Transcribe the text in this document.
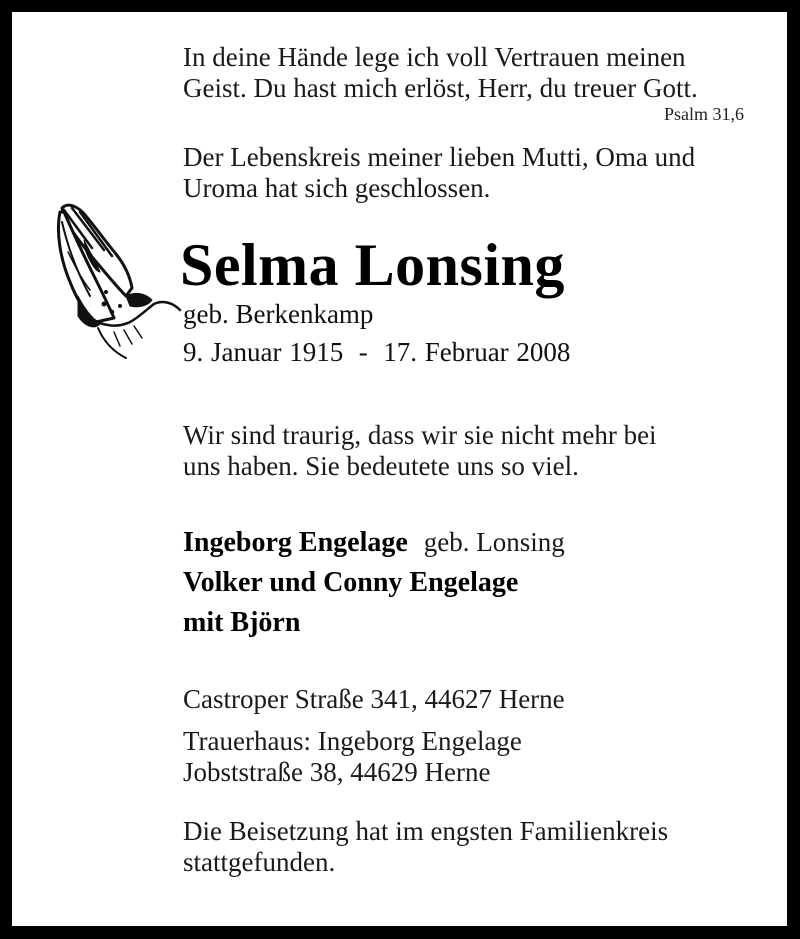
In deine Hände lege ich voll Vertrauen meinen
Geist. Du hast mich erlöst, Herr, du treuer Gott.
Psalm 31,6
Der Lebenskreis meiner lieben Mutti, Oma und
Uroma hat sich geschlossen.
Selma Lonsing
geb. Berkenkamp
9. Januar 1915  -  17. Februar 2008
Wir sind traurig, dass wir sie nicht mehr bei
uns haben. Sie bedeutete uns so viel.
Ingeborg Engelage geb. Lonsing
Volker und Conny Engelage
mit Björn
Castroper Straße 341, 44627 Herne
Trauerhaus: Ingeborg Engelage
Jobststraße 38, 44629 Herne
Die Beisetzung hat im engsten Familienkreis
stattgefunden.
